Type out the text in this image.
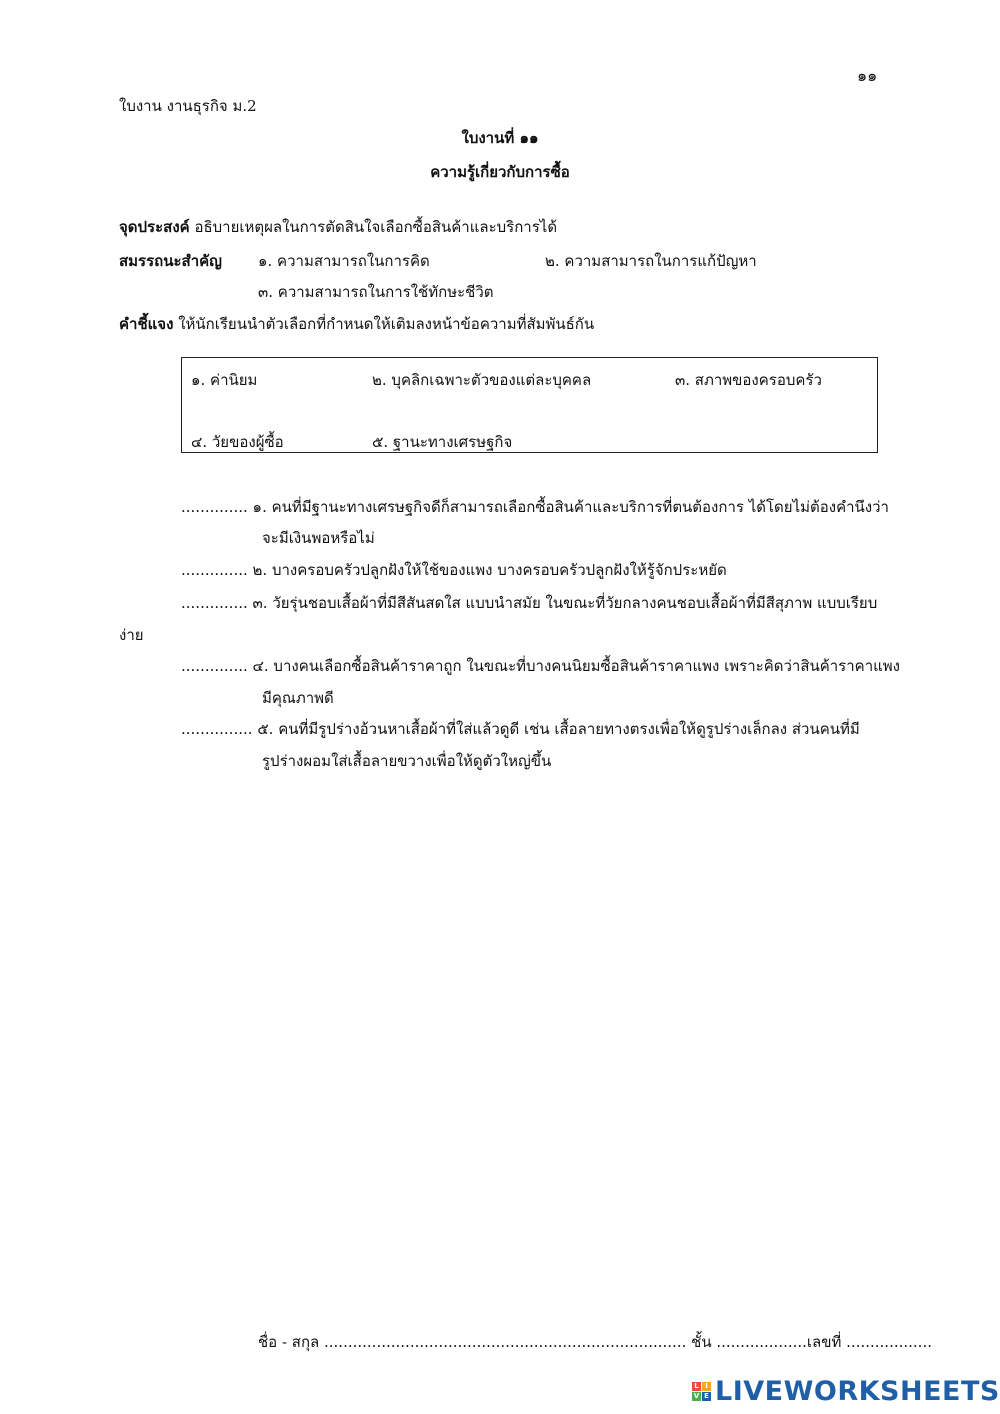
๑๑
ใบงาน งานธุรกิจ ม.2
ใบงานที่ ๑๑
ความรู้เกี่ยวกับการซื้อ
จุดประสงค์ อธิบายเหตุผลในการตัดสินใจเลือกซื้อสินค้าและบริการได้
สมรรถนะสำคัญ ๑. ความสามารถในการคิด	๒. ความสามารถในการแก้ปัญหา
๓. ความสามารถในการใช้ทักษะชีวิต
คำชี้แจง ให้นักเรียนนำตัวเลือกที่กำหนดให้เติมลงหน้าข้อความที่สัมพันธ์กัน
๑. ค่านิยม	๒. บุคลิกเฉพาะตัวของแต่ละบุคคล	๓. สภาพของครอบครัว
๔. วัยของผู้ซื้อ	๕. ฐานะทางเศรษฐกิจ
.............. ๑. คนที่มีฐานะทางเศรษฐกิจดีก็สามารถเลือกซื้อสินค้าและบริการที่ตนต้องการ ได้โดยไม่ต้องคำนึงว่า
จะมีเงินพอหรือไม่
.............. ๒. บางครอบครัวปลูกฝังให้ใช้ของแพง บางครอบครัวปลูกฝังให้รู้จักประหยัด
.............. ๓. วัยรุ่นชอบเสื้อผ้าที่มีสีสันสดใส แบบนำสมัย ในขณะที่วัยกลางคนชอบเสื้อผ้าที่มีสีสุภาพ แบบเรียบ
ง่าย
.............. ๔. บางคนเลือกซื้อสินค้าราคาถูก ในขณะที่บางคนนิยมซื้อสินค้าราคาแพง เพราะคิดว่าสินค้าราคาแพง
มีคุณภาพดี
............... ๕. คนที่มีรูปร่างอ้วนหาเสื้อผ้าที่ใส่แล้วดูดี เช่น เสื้อลายทางตรงเพื่อให้ดูรูปร่างเล็กลง ส่วนคนที่มี
รูปร่างผอมใส่เสื้อลายขวางเพื่อให้ดูตัวใหญ่ขึ้น
ชื่อ - สกุล ............................................................................ ชั้น ...................เลขที่ ..................
L I
V E LIVEWORKSHEETS
